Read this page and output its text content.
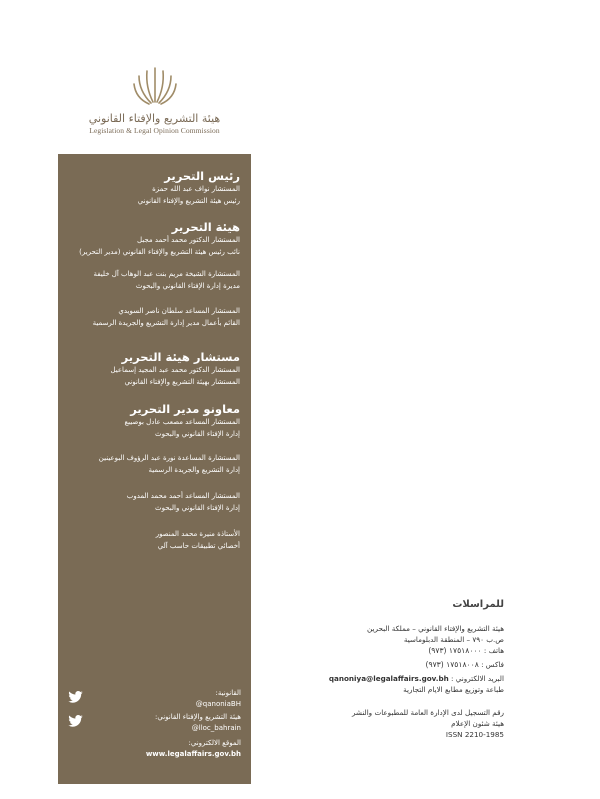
هيئة التشريع والإفتاء القانوني
Legislation & Legal Opinion Commission
رئيس التحرير
المستشار نواف عبد الله حمزة
رئيس هيئة التشريع والإفتاء القانوني
هيئة التحرير
المستشار الدكتور محمد أحمد مجبل
نائب رئيس هيئة التشريع والإفتاء القانوني (مدير التحرير)
المستشارة الشيخة مريم بنت عبد الوهاب آل خليفة
مديرة إدارة الإفتاء القانوني والبحوث
المستشار المساعد سلطان ناصر السويدي
القائم بأعمال مدير إدارة التشريع والجريدة الرسمية
مستشار هيئة التحرير
المستشار الدكتور محمد عبد المجيد إسماعيل
المستشار بهيئة التشريع والإفتاء القانوني
معاونو مدير التحرير
المستشار المساعد مصعب عادل بوصيبع
إدارة الإفتاء القانوني والبحوث
المستشارة المساعدة نورة عبد الرؤوف البوعينين
إدارة التشريع والجريدة الرسمية
المستشار المساعد أحمد محمد المدوب
إدارة الإفتاء القانوني والبحوث
الأستاذة منيرة محمد المنصور
أخصائي تطبيقات حاسب آلي
القانونية:
@qanoniaBH
هيئة التشريع والإفتاء القانوني:
@lloc_bahrain
الموقع الالكتروني:
www.legalaffairs.gov.bh
للمراسلات
هيئة التشريع والإفتاء القانوني – مملكة البحرين
ص.ب ٧٩٠ – المنطقة الدبلوماسية
هاتف : ١٧٥١٨٠٠٠ (٩٧٣)
فاكس : ١٧٥١٨٠٠٨ (٩٧٣)
البريد الالكتروني : qanoniya@legalaffairs.gov.bh
طباعة وتوزيع مطابع الايام التجارية
رقم التسجيل لدى الإدارة العامة للمطبوعات والنشر
هيئة شئون الإعلام
ISSN 2210-1985
